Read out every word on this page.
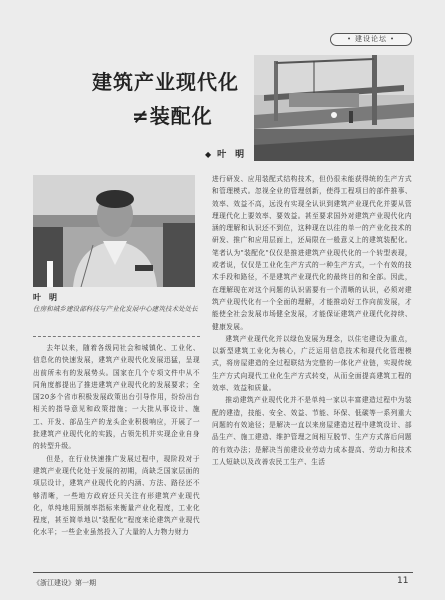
• 建设论坛 •
建筑产业现代化
≠装配化
◆ 叶　明
叶　明
住房和城乡建设部科技与产业化发展中心建筑技术处处长

去年以来，随着各级同社会和城镇化、工业化、信息化的快速发展，建筑产业现代化发展迅猛，呈现出前所未有的发展势头。国家在几个专项文件中从不同角度都提出了推进建筑产业现代化的发展要求；全国20多个省市积极发展政策出台引导作用，纷纷出台相关的指导意见和政策措施；一大批从事设计、施工、开发、部品生产的龙头企业积极响应，开展了一批建筑产业现代化的实践，占领先机并实现企业自身的转型升级。

但是，在行业快速推广发展过程中，现阶段对于建筑产业现代化处于发展的初期，尚缺乏国家层面的项层设计，建筑产业现代化的内涵、方法、路径还不够清晰，一些地方政府还只关注有形建筑产业现代化，单纯地用预制率指标来衡量产业化程度，工业化程度，甚至简单地以"装配化"程度来论建筑产业现代化水平；一些企业虽然投入了大量的人力物力财力

进行研发、应用装配式结构技术，但仍很未能获得统的生产方式和管理模式。忽视全业的管理创新，使得工程项目的部件推事、效率、效益不高，远没有实现全认识到建筑产业现代化并要从管理现代化上要效率、要效益。甚至要求国外对建筑产业现代化内涵的理解和认识还不到位，这种现在以往的单一的产业化技术的研发、推广和应用层面上，还局限在一般意义上的建筑装配化。笔者认为"装配化"仅仅是推进建筑产业现代化的一个转型表现，或者说，仅仅是工业化生产方式的一种生产方式，一个有效的技术手段和路径，不是建筑产业现代化的最终目的和全部。因此，在理解现在对这个问题的认识需要有一个清晰的认识，必须对建筑产业现代化有一个全面的理解，才能推动好工作向前发展，才能使全社会发展市场健全发展，才能保证建筑产业现代化持续、健康发展。

建筑产业现代化并以绿色发展为理念，以住宅建设为重点，以新型建筑工业化为核心，广泛运用信息技术和现代化管理模式，将房屋建造的全过程联结为完整的一体化产业链，实现传统生产方式向现代工业化生产方式转变，从而全面提高建筑工程的效率、效益和质量。

推动建筑产业现代化并不是单纯一家以丰富建造过程中为装配的建造，技能、安全、效益、节能、环保、低碳等一系列重大问题的有效途径；是解决一直以来房屋建造过程中建筑设计、部品生产、施工建造、维护管理之间相互脱节、生产方式落后问题的有效办法；是解决当前建设业劳动力成本提高、劳动力和技术工人短缺以及改善农民工生产、生活

《浙江建设》第一期	11
